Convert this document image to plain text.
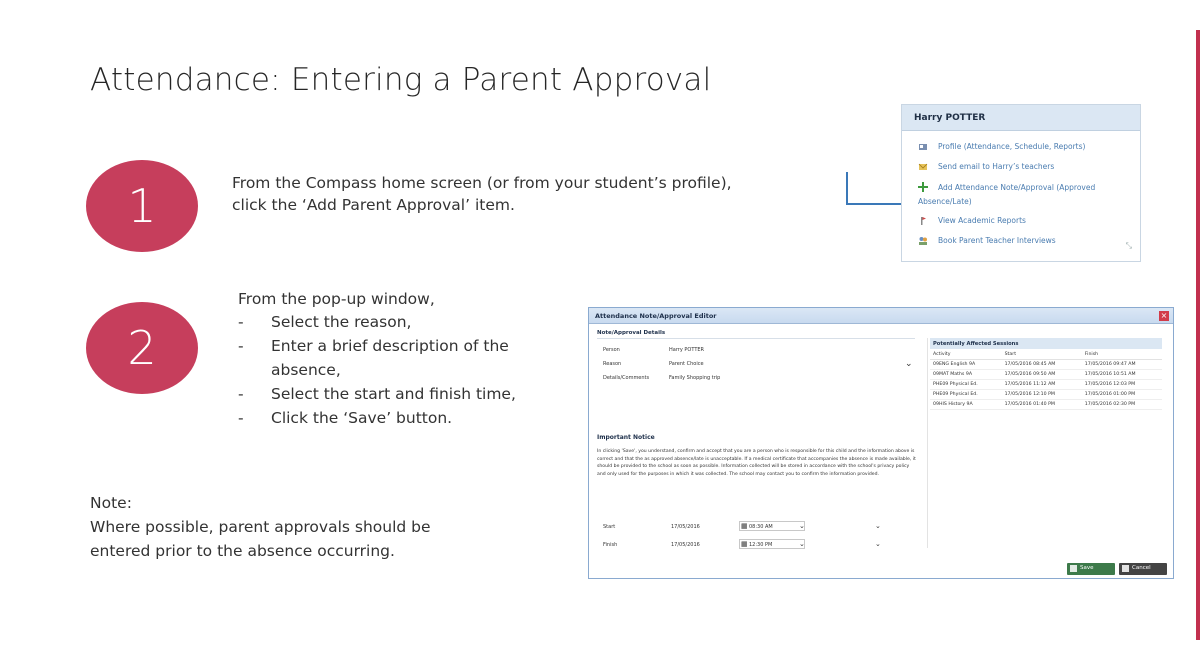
Attendance: Entering a Parent Approval
1	From the Compass home screen (or from your student’s profile),
click the ‘Add Parent Approval’ item.
Harry POTTER
Profile (Attendance, Schedule, Reports)
Send email to Harry’s teachers
Add Attendance Note/Approval (Approved
Absence/Late)
View Academic Reports
Book Parent Teacher Interviews
⤡
2
From the pop-up window,
- Select the reason,
- Enter a brief description of the absence,
- Select the start and finish time,
- Click the ‘Save’ button.
Attendance Note/Approval Editor	×
Note/Approval Details
Person	Harry POTTER
Reason	Parent Choice	⌄
Details/Comments	Family Shopping trip
Important Notice
In clicking 'Save', you understand, confirm and accept that you are a person who is responsible for this child and the information above is correct and that the as approved absence/late is unacceptable. If a medical certificate that accompanies the absence is made available, it should be provided to the school as soon as possible. Information collected will be stored in accordance with the school's privacy policy and only used for the purposes in which it was collected. The school may contact you to confirm the information provided.
Start	17/05/2016	▦ 08:30 AM	⌄	⌄
Finish	17/05/2016	▦ 12:30 PM	⌄	⌄
Potentially Affected Sessions
Activity	Start	Finish
09ENG English 9A	17/05/2016 08:45 AM	17/05/2016 09:47 AM
09MAT Maths 9A	17/05/2016 09:50 AM	17/05/2016 10:51 AM
PHE09 Physical Ed.	17/05/2016 11:12 AM	17/05/2016 12:03 PM
PHE09 Physical Ed.	17/05/2016 12:10 PM	17/05/2016 01:00 PM
09HIS History 9A	17/05/2016 01:40 PM	17/05/2016 02:30 PM
Save	Cancel
Note:
Where possible, parent approvals should be
entered prior to the absence occurring.
